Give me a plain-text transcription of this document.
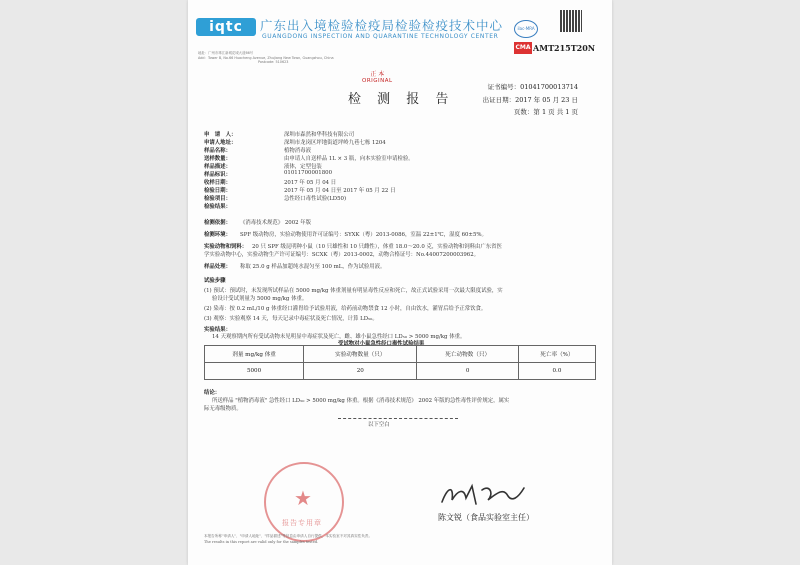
iqtc	广东出入境检验检疫局检验检疫技术中心
GUANGDONG INSPECTION AND QUARANTINE TECHNOLOGY CENTER
地址：广州市珠江新城花城大道66号
Add：Tower B, No.66 Huacheng Avenue, Zhujiang New Town, Guangzhou, China
Postcode: 510623
ilac-MRA
CMA AMT215T20N
正 本
ORIGINAL
检 测 报 告
证书编号：01041700013714
出证日期：2017 年 05 月 23 日
页数：第 1 页 共 1 页
申　请　人：	深圳市森然和华科技有限公司
申请人地址：	深圳市龙岗区坪地街道坪岭九巷七栋 1204
样品名称：	植物消毒液
送样数量：	由申请人自送样品 1L × 3 瓶，向本实验室申请检验。
样品描述：	液体，定型包装
样品标识：	01011700001800
收样日期：	2017 年 05 月 04 日
检验日期：	2017 年 05 月 04 日至 2017 年 05 月 22 日
检验项目：	急性经口毒性试验(LD50)
检验结果：
检测依据： 《消毒技术规范》 2002 年版
检测环境： SPF 级动物房，实验动物使用许可证编号：SYXK（粤）2013-0086，室温 22±1℃，湿度 60±5%。
实验动物和饲料： 20 只 SPF 级昆明种小鼠（10 只雄性和 10 只雌性），体重 18.0～20.0 克，实验动物和饲料由广东省医
学实验动物中心，实验动物生产许可证编号：SCXK（粤）2013-0002，动物合格证号：No.44007200003962。
样品处理： 称取 25.0 g 样品加超纯水混匀至 100 mL，作为试验用液。
试验步骤
(1) 预试：预试时，未发现所试样品在 5000 mg/kg 体重剂量有明显毒性反应和死亡，故正式试验采用一次最大限度试验，实
验设计受试剂量为 5000 mg/kg 体重。
(2) 染毒：按 0.2 mL/10 g 体重经口灌胃给予试验用液，给药前动物禁食 12 小时，自由饮水，灌胃后给予正常饮食。
(3) 观察：实验观察 14 天，每天记录中毒症状及死亡情况，计算 LD₅₀。
实验结果：
14 天观察期内所有受试动物未见明显中毒症状及死亡，雌、雄小鼠急性经口 LD₅₀ > 5000 mg/kg 体重。
受试物对小鼠急性经口毒性试验结果
剂量 mg/kg 体重	实验动物数量（只）	死亡动物数（只）	死亡率（%）
5000	20	0	0.0
结论：
所送样品 "植物消毒液" 急性经口 LD₅₀ > 5000 mg/kg 体重。根据《消毒技术规范》 2002 年版的急性毒性评价规定，属实
际无毒级物质。
以下空白
★
报告专用章
陈文锐（食品实验室主任）
本报告所称"申请人"、"申请人地址"、"样品描述"等信息由申请人自行提供，本实验室不对其真实性负责。
The results in this report are valid only for the samples tested.
